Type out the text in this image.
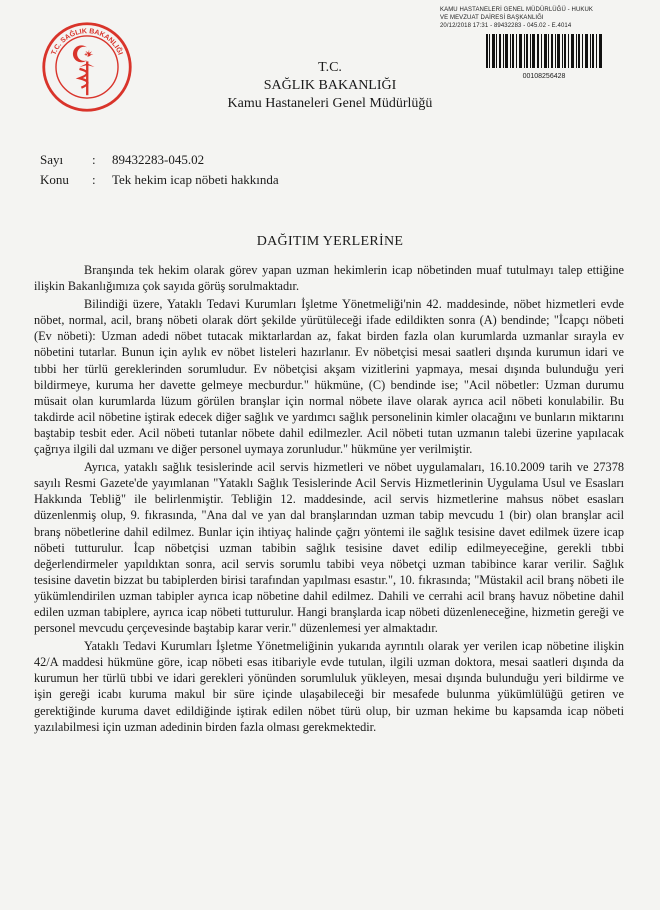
T.C. SAĞLIK BAKANLIĞI
KAMU HASTANELERİ GENEL MÜDÜRLÜĞÜ - HUKUK
VE MEVZUAT DAİRESİ BAŞKANLIĞI
20/12/2018 17:31 - 89432283 - 045.02 - E.4014
00108256428
T.C.
SAĞLIK BAKANLIĞI
Kamu Hastaneleri Genel Müdürlüğü
Sayı	:	89432283-045.02
Konu	:	Tek hekim icap nöbeti hakkında
DAĞITIM YERLERİNE

Branşında tek hekim olarak görev yapan uzman hekimlerin icap nöbetinden muaf tutulmayı talep ettiğine ilişkin Bakanlığımıza çok sayıda görüş sorulmaktadır.

Bilindiği üzere, Yataklı Tedavi Kurumları İşletme Yönetmeliği'nin 42. maddesinde, nöbet hizmetleri evde nöbet, normal, acil, branş nöbeti olarak dört şekilde yürütüleceği ifade edildikten sonra (A) bendinde; "İcapçı nöbeti (Ev nöbeti): Uzman adedi nöbet tutacak miktarlardan az, fakat birden fazla olan kurumlarda uzmanlar sırayla ev nöbetini tutarlar. Bunun için aylık ev nöbet listeleri hazırlanır. Ev nöbetçisi mesai saatleri dışında kurumun idari ve tıbbi her türlü gereklerinden sorumludur. Ev nöbetçisi akşam vizitlerini yapmaya, mesai dışında bulunduğu yeri bildirmeye, kuruma her davette gelmeye mecburdur." hükmüne, (C) bendinde ise; "Acil nöbetler: Uzman durumu müsait olan kurumlarda lüzum görülen branşlar için normal nöbete ilave olarak ayrıca acil nöbeti konulabilir. Bu takdirde acil nöbetine iştirak edecek diğer sağlık ve yardımcı sağlık personelinin kimler olacağını ve bunların miktarını baştabip tesbit eder. Acil nöbeti tutanlar nöbete dahil edilmezler. Acil nöbeti tutan uzmanın talebi üzerine yapılacak çağrıya ilgili dal uzmanı ve diğer personel uymaya zorunludur." hükmüne yer verilmiştir.

Ayrıca, yataklı sağlık tesislerinde acil servis hizmetleri ve nöbet uygulamaları, 16.10.2009 tarih ve 27378 sayılı Resmi Gazete'de yayımlanan "Yataklı Sağlık Tesislerinde Acil Servis Hizmetlerinin Uygulama Usul ve Esasları Hakkında Tebliğ" ile belirlenmiştir. Tebliğin 12. maddesinde, acil servis hizmetlerine mahsus nöbet esasları düzenlenmiş olup, 9. fıkrasında, "Ana dal ve yan dal branşlarından uzman tabip mevcudu 1 (bir) olan branşlar acil branş nöbetlerine dahil edilmez. Bunlar için ihtiyaç halinde çağrı yöntemi ile sağlık tesisine davet edilmek üzere icap nöbeti tutturulur. İcap nöbetçisi uzman tabibin sağlık tesisine davet edilip edilmeyeceğine, gerekli tıbbi değerlendirmeler yapıldıktan sonra, acil servis sorumlu tabibi veya nöbetçi uzman tabibince karar verilir. Sağlık tesisine davetin bizzat bu tabiplerden birisi tarafından yapılması esastır.", 10. fıkrasında; "Müstakil acil branş nöbeti ile yükümlendirilen uzman tabipler ayrıca icap nöbetine dahil edilmez. Dahili ve cerrahi acil branş havuz nöbetine dahil edilen uzman tabiplere, ayrıca icap nöbeti tutturulur. Hangi branşlarda icap nöbeti düzenleneceğine, hizmetin gereği ve personel mevcudu çerçevesinde baştabip karar verir." düzenlemesi yer almaktadır.

Yataklı Tedavi Kurumları İşletme Yönetmeliğinin yukarıda ayrıntılı olarak yer verilen icap nöbetine ilişkin 42/A maddesi hükmüne göre, icap nöbeti esas itibariyle evde tutulan, ilgili uzman doktora, mesai saatleri dışında da kurumun her türlü tıbbi ve idari gerekleri yönünden sorumluluk yükleyen, mesai dışında bulunduğu yeri bildirme ve işin gereği icabı kuruma makul bir süre içinde ulaşabileceği bir mesafede bulunma yükümlülüğü getiren ve gerektiğinde kuruma davet edildiğinde iştirak edilen nöbet türü olup, bir uzman hekime bu kapsamda icap nöbeti yazılabilmesi için uzman adedinin birden fazla olması gerekmektedir.
